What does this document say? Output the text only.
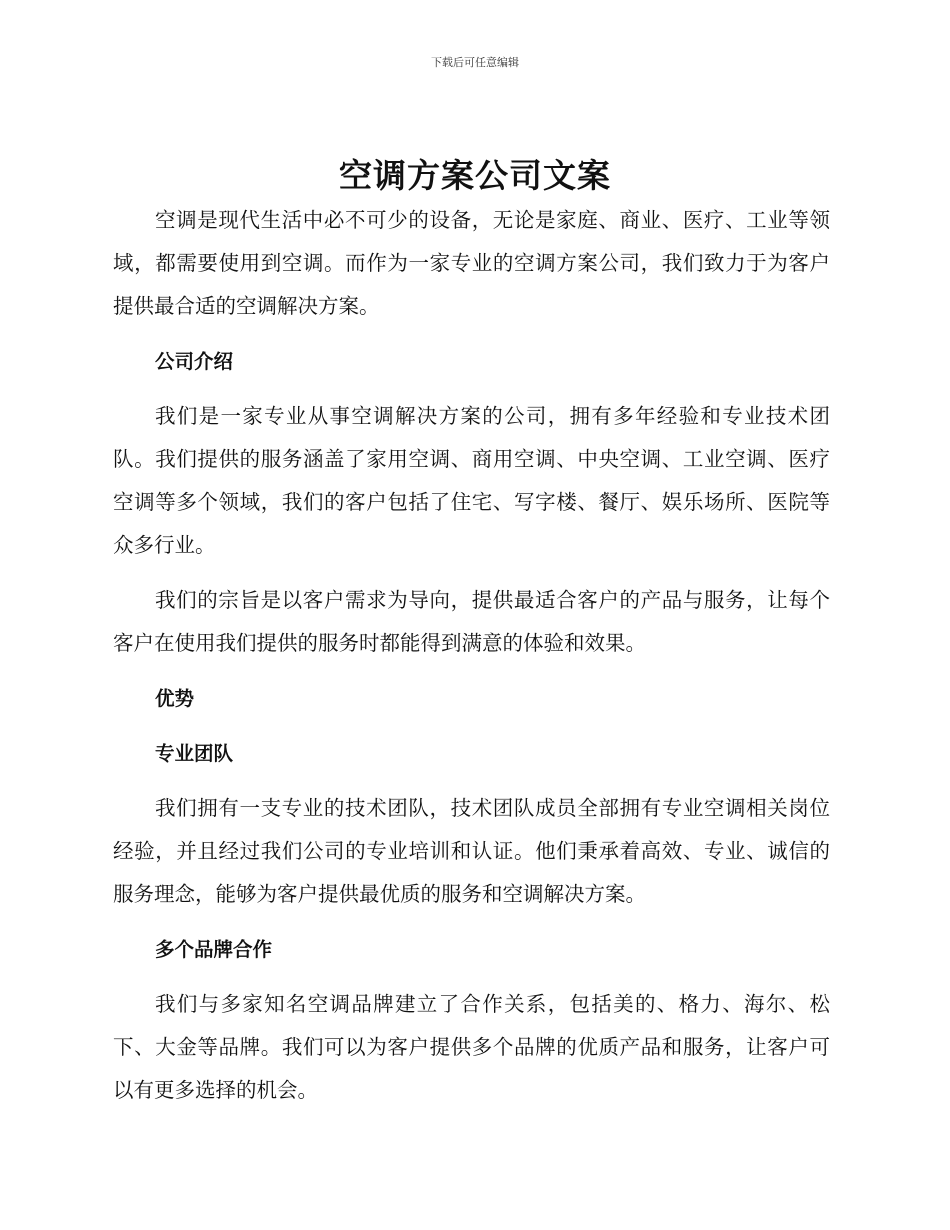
下载后可任意编辑
空调方案公司文案

空调是现代生活中必不可少的设备，无论是家庭、商业、医疗、工业等领域，都需要使用到空调。而作为一家专业的空调方案公司，我们致力于为客户提供最合适的空调解决方案。

公司介绍

我们是一家专业从事空调解决方案的公司，拥有多年经验和专业技术团队。我们提供的服务涵盖了家用空调、商用空调、中央空调、工业空调、医疗空调等多个领域，我们的客户包括了住宅、写字楼、餐厅、娱乐场所、医院等众多行业。

我们的宗旨是以客户需求为导向，提供最适合客户的产品与服务，让每个客户在使用我们提供的服务时都能得到满意的体验和效果。

优势
专业团队

我们拥有一支专业的技术团队，技术团队成员全部拥有专业空调相关岗位经验，并且经过我们公司的专业培训和认证。他们秉承着高效、专业、诚信的服务理念，能够为客户提供最优质的服务和空调解决方案。

多个品牌合作

我们与多家知名空调品牌建立了合作关系，包括美的、格力、海尔、松下、大金等品牌。我们可以为客户提供多个品牌的优质产品和服务，让客户可以有更多选择的机会。
